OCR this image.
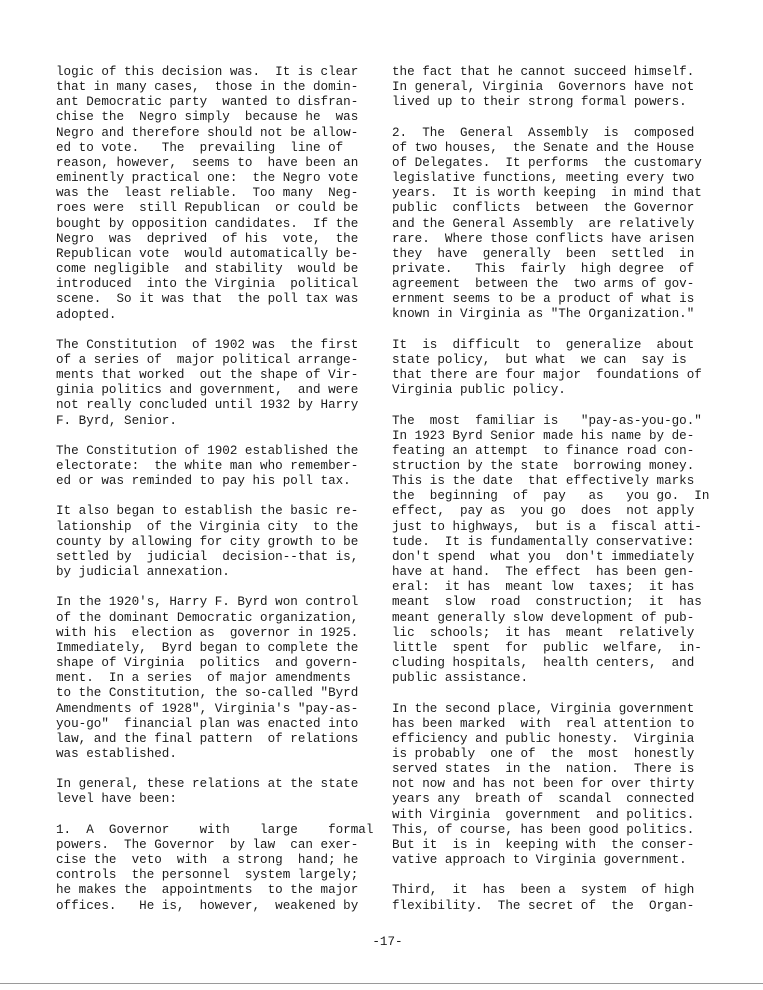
logic of this decision was.  It is clear
that in many cases,  those in the domin-
ant Democratic party  wanted to disfran-
chise the  Negro simply  because he  was
Negro and therefore should not be allow-
ed to vote.   The  prevailing  line of
reason, however,  seems to  have been an
eminently practical one:  the Negro vote
was the  least reliable.  Too many  Neg-
roes were  still Republican  or could be
bought by opposition candidates.  If the
Negro  was  deprived  of his  vote,  the
Republican vote  would automatically be-
come negligible  and stability  would be
introduced  into the Virginia  political
scene.  So it was that  the poll tax was
adopted.

The Constitution  of 1902 was  the first
of a series of  major political arrange-
ments that worked  out the shape of Vir-
ginia politics and government,  and were
not really concluded until 1932 by Harry
F. Byrd, Senior.

The Constitution of 1902 established the
electorate:  the white man who remember-
ed or was reminded to pay his poll tax.

It also began to establish the basic re-
lationship  of the Virginia city  to the
county by allowing for city growth to be
settled by  judicial  decision--that is,
by judicial annexation.

In the 1920's, Harry F. Byrd won control
of the dominant Democratic organization,
with his  election as  governor in 1925.
Immediately,  Byrd began to complete the
shape of Virginia  politics  and govern-
ment.  In a series  of major amendments
to the Constitution, the so-called "Byrd
Amendments of 1928", Virginia's "pay-as-
you-go"  financial plan was enacted into
law, and the final pattern  of relations
was established.

In general, these relations at the state
level have been:

1.  A  Governor    with    large    formal
powers.  The Governor  by law  can exer-
cise the  veto  with  a strong  hand; he
controls  the personnel  system largely;
he makes the  appointments  to the major
offices.   He is,  however,  weakened by

the fact that he cannot succeed himself.
In general, Virginia  Governors have not
lived up to their strong formal powers.

2.  The  General  Assembly  is  composed
of two houses,  the Senate and the House
of Delegates.  It performs  the customary
legislative functions, meeting every two
years.  It is worth keeping  in mind that
public  conflicts  between  the Governor
and the General Assembly  are relatively
rare.  Where those conflicts have arisen
they  have  generally  been  settled  in
private.   This  fairly  high degree  of
agreement  between the  two arms of gov-
ernment seems to be a product of what is
known in Virginia as "The Organization."

It  is  difficult  to  generalize  about
state policy,  but what  we can  say is
that there are four major  foundations of
Virginia public policy.

The  most  familiar is   "pay-as-you-go."
In 1923 Byrd Senior made his name by de-
feating an attempt  to finance road con-
struction by the state  borrowing money.
This is the date  that effectively marks
the  beginning  of  pay   as   you go.  In
effect,  pay as  you go  does  not apply
just to highways,  but is a  fiscal atti-
tude.  It is fundamentally conservative:
don't spend  what you  don't immediately
have at hand.  The effect  has been gen-
eral:  it has  meant low  taxes;  it has
meant  slow  road  construction;  it  has
meant generally slow development of pub-
lic  schools;  it has  meant  relatively
little  spent  for  public  welfare,  in-
cluding hospitals,  health centers,  and
public assistance.

In the second place, Virginia government
has been marked  with  real attention to
efficiency and public honesty.  Virginia
is probably  one of  the  most  honestly
served states  in the  nation.  There is
not now and has not been for over thirty
years any  breath of  scandal  connected
with Virginia  government  and politics.
This, of course, has been good politics.
But it  is in  keeping with  the conser-
vative approach to Virginia government.

Third,  it  has  been a  system  of high
flexibility.  The secret of  the  Organ-

-17-
